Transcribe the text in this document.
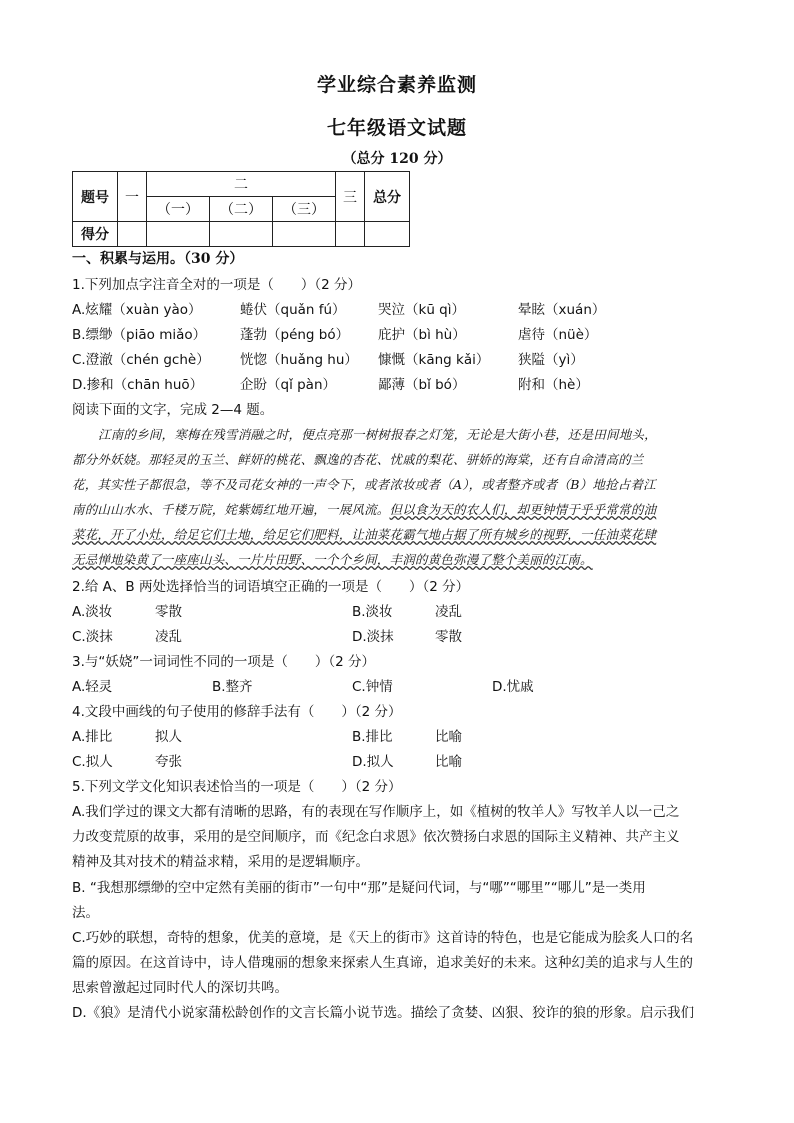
学业综合素养监测
七年级语文试题
（总分 120 分）
题号	一	二			三	总分
		（一）	（二）	（三）		
得分						
一、积累与运用。（30 分）
1.下列加点字注音全对的一项是（　　）（2 分）
A.炫耀（xuàn yào）	蜷伏（quǎn fú） 哭泣（kū qì）	晕眩（xuán）
B.缥缈（piāo miǎo）	蓬勃（péng bó） 庇护（bì hù）	虐待（nüè）
C.澄澈（chén gchè） 恍惚（huǎng hu） 慷慨（kāng kǎi） 狭隘（yì）
D.掺和（chān huō）	企盼（qǐ pàn）	鄙薄（bǐ bó）	附和（hè）
阅读下面的文字，完成 2—4 题。
江南的乡间，寒梅在残雪消融之时，便点亮那一树树报春之灯笼，无论是大街小巷，还是田间地头，
都分外妖娆。那轻灵的玉兰、鲜妍的桃花、飘逸的杏花、忧戚的梨花、骈娇的海棠，还有自命清高的兰
花，其实性子都很急，等不及司花女神的一声令下，或者浓妆或者（A），或者整齐或者（B）地抢占着江
南的山山水水、千楼万院，姹紫嫣红地开遍，一展风流。但以食为天的农人们，却更钟情于乎乎常常的油
菜花，开了小灶，给足它们土地，给足它们肥料，让油菜花霸气地占据了所有城乡的视野，一任油菜花肆
无忌惮地染黄了一座座山头、一片片田野、一个个乡间，丰润的黄色弥漫了整个美丽的江南。
2.给 A、B 两处选择恰当的词语填空正确的一项是（　　）（2 分）
A.淡妆	零散	B.淡妆	凌乱
C.淡抹	凌乱	D.淡抹	零散
3.与“妖娆”一词词性不同的一项是（　　）（2 分）
A.轻灵	B.整齐	C.钟情	D.忧戚
4.文段中画线的句子使用的修辞手法有（　　）（2 分）
A.排比	拟人	B.排比	比喻
C.拟人	夸张	D.拟人	比喻
5.下列文学文化知识表述恰当的一项是（　　）（2 分）
A.我们学过的课文大都有清晰的思路，有的表现在写作顺序上，如《植树的牧羊人》写牧羊人以一己之
力改变荒原的故事，采用的是空间顺序，而《纪念白求恩》依次赞扬白求恩的国际主义精神、共产主义
精神及其对技术的精益求精，采用的是逻辑顺序。
B. “我想那缥缈的空中定然有美丽的街市”一句中“那”是疑问代词，与“哪”“哪里”“哪儿”是一类用
法。
C.巧妙的联想，奇特的想象，优美的意境，是《天上的街市》这首诗的特色，也是它能成为脍炙人口的名
篇的原因。在这首诗中，诗人借瑰丽的想象来探索人生真谛，追求美好的未来。这种幻美的追求与人生的
思索曾激起过同时代人的深切共鸣。
D.《狼》是清代小说家蒲松龄创作的文言长篇小说节选。描绘了贪婪、凶狠、狡诈的狼的形象。启示我们
